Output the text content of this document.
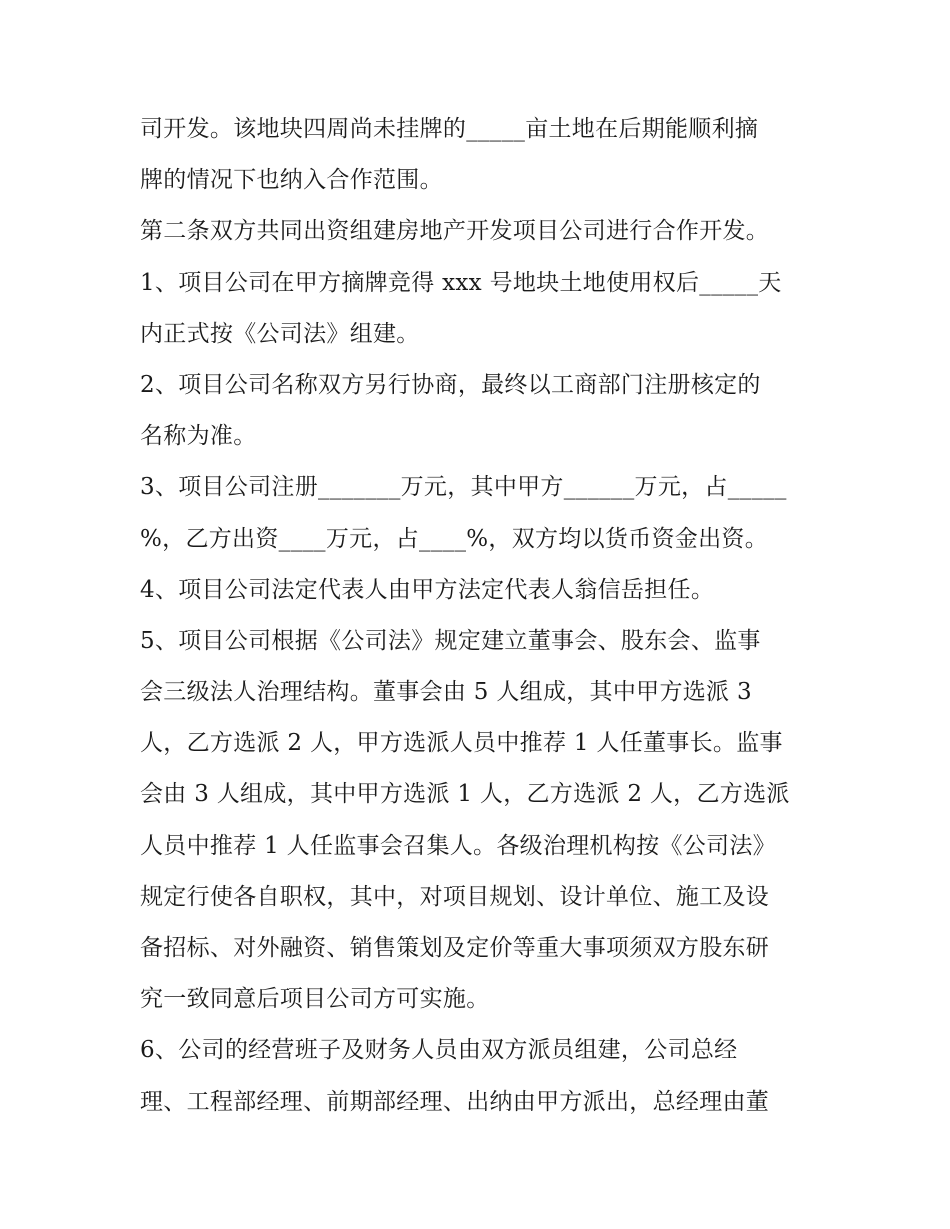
司开发。该地块四周尚未挂牌的_____亩土地在后期能顺利摘
牌的情况下也纳入合作范围。
第二条双方共同出资组建房地产开发项目公司进行合作开发。
1、项目公司在甲方摘牌竞得 xxx 号地块土地使用权后_____天
内正式按《公司法》组建。
2、项目公司名称双方另行协商，最终以工商部门注册核定的
名称为准。
3、项目公司注册_______万元，其中甲方______万元，占_____
%，乙方出资____万元，占____%，双方均以货币资金出资。
4、项目公司法定代表人由甲方法定代表人翁信岳担任。
5、项目公司根据《公司法》规定建立董事会、股东会、监事
会三级法人治理结构。董事会由 5 人组成，其中甲方选派 3
人，乙方选派 2 人，甲方选派人员中推荐 1 人任董事长。监事
会由 3 人组成，其中甲方选派 1 人，乙方选派 2 人，乙方选派
人员中推荐 1 人任监事会召集人。各级治理机构按《公司法》
规定行使各自职权，其中，对项目规划、设计单位、施工及设
备招标、对外融资、销售策划及定价等重大事项须双方股东研
究一致同意后项目公司方可实施。
6、公司的经营班子及财务人员由双方派员组建，公司总经
理、工程部经理、前期部经理、出纳由甲方派出，总经理由董
